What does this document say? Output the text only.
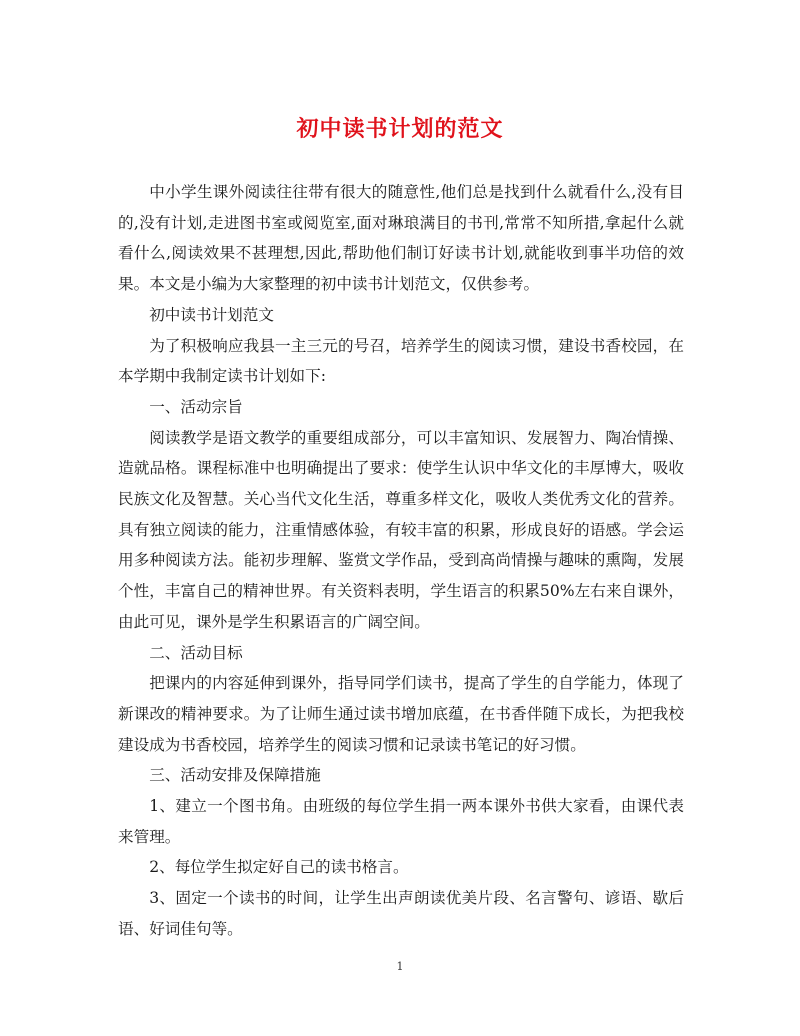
初中读书计划的范文

中小学生课外阅读往往带有很大的随意性,他们总是找到什么就看什么,没有目的,没有计划,走进图书室或阅览室,面对琳琅满目的书刊,常常不知所措,拿起什么就看什么,阅读效果不甚理想,因此,帮助他们制订好读书计划,就能收到事半功倍的效果。本文是小编为大家整理的初中读书计划范文，仅供参考。

初中读书计划范文

为了积极响应我县一主三元的号召，培养学生的阅读习惯，建设书香校园，在本学期中我制定读书计划如下:

一、活动宗旨

阅读教学是语文教学的重要组成部分，可以丰富知识、发展智力、陶冶情操、造就品格。课程标准中也明确提出了要求：使学生认识中华文化的丰厚博大，吸收民族文化及智慧。关心当代文化生活，尊重多样文化，吸收人类优秀文化的营养。具有独立阅读的能力，注重情感体验，有较丰富的积累，形成良好的语感。学会运用多种阅读方法。能初步理解、鉴赏文学作品，受到高尚情操与趣味的熏陶，发展个性，丰富自己的精神世界。有关资料表明，学生语言的积累50%左右来自课外，由此可见，课外是学生积累语言的广阔空间。

二、活动目标

把课内的内容延伸到课外，指导同学们读书，提高了学生的自学能力，体现了新课改的精神要求。为了让师生通过读书增加底蕴，在书香伴随下成长，为把我校建设成为书香校园，培养学生的阅读习惯和记录读书笔记的好习惯。

三、活动安排及保障措施

1、建立一个图书角。由班级的每位学生捐一两本课外书供大家看，由课代表来管理。

2、每位学生拟定好自己的读书格言。

3、固定一个读书的时间，让学生出声朗读优美片段、名言警句、谚语、歇后语、好词佳句等。

1
